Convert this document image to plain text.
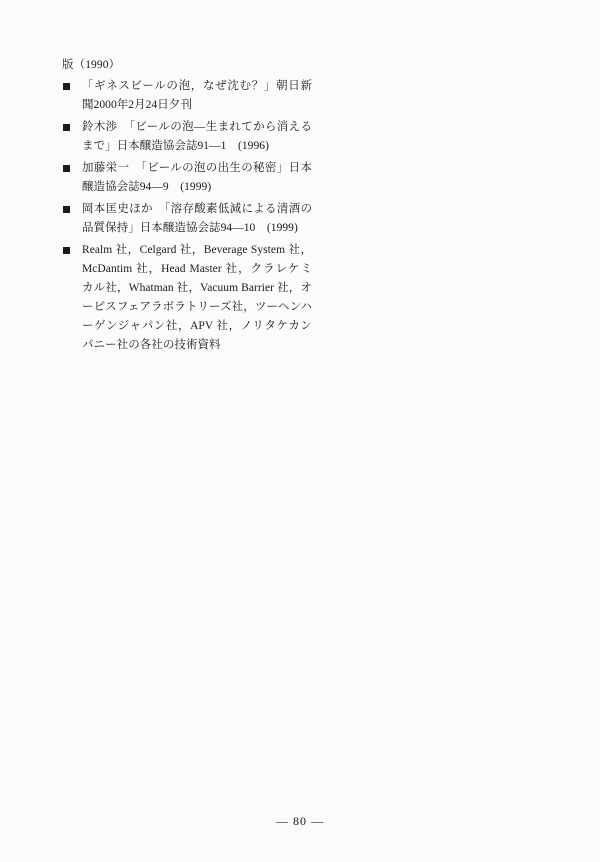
版（1990）
「ギネスビールの泡，なぜ沈む？」朝日新聞2000年2月24日夕刊
鈴木渉　「ビールの泡—生まれてから消えるまで」日本醸造協会誌91—1　(1996)
加藤栄一　「ビールの泡の出生の秘密」日本醸造協会誌94—9　(1999)
岡本匡史ほか　「溶存酸素低減による清酒の品質保持」日本醸造協会誌94—10　(1999)
Realm 社，Celgard 社，Beverage System 社，McDantim 社，Head Master 社，クラレケミカル社，Whatman 社，Vacuum Barrier 社，オービスフェアラボラトリーズ社，ツーヘンハーゲンジャパン社，APV 社，ノリタケカンパニー社の各社の技術資料
— 80 —
